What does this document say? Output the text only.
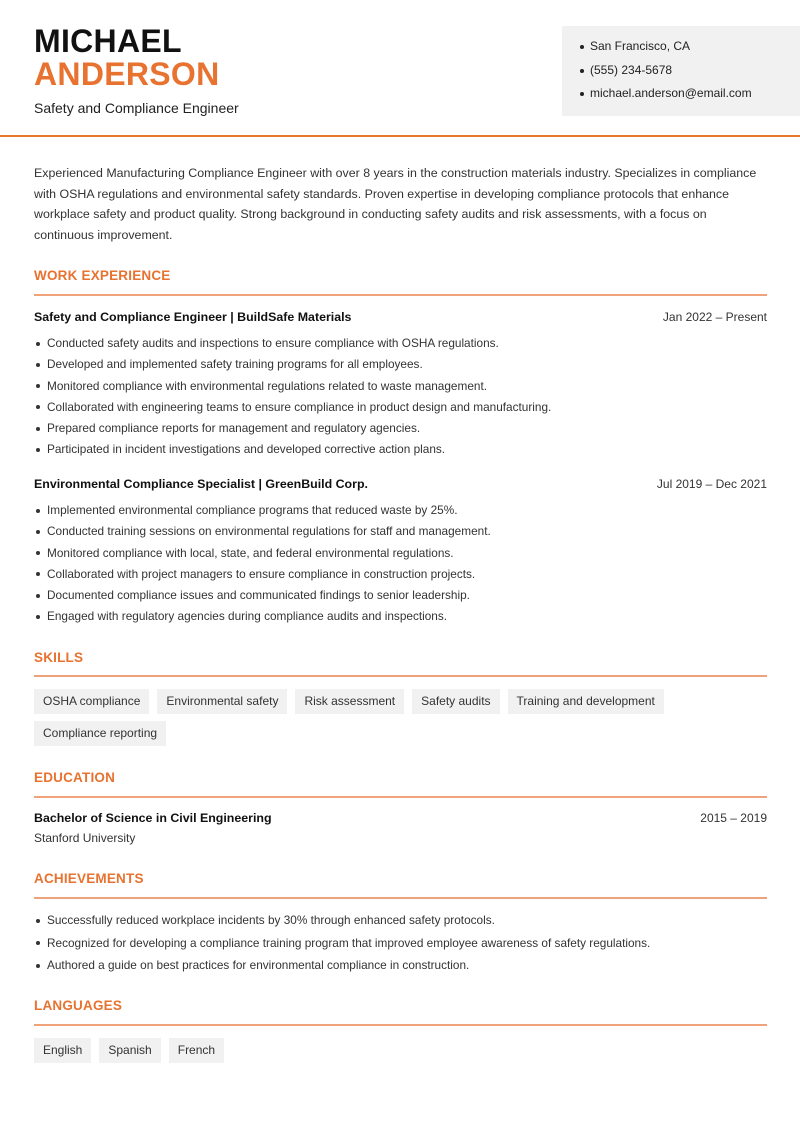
MICHAEL
ANDERSON
Safety and Compliance Engineer
San Francisco, CA
(555) 234-5678
michael.anderson@email.com

Experienced Manufacturing Compliance Engineer with over 8 years in the construction materials industry. Specializes in compliance with OSHA regulations and environmental safety standards. Proven expertise in developing compliance protocols that enhance workplace safety and product quality. Strong background in conducting safety audits and risk assessments, with a focus on continuous improvement.

WORK EXPERIENCE
Safety and Compliance Engineer | BuildSafe Materials	Jan 2022 – Present
Conducted safety audits and inspections to ensure compliance with OSHA regulations.
Developed and implemented safety training programs for all employees.
Monitored compliance with environmental regulations related to waste management.
Collaborated with engineering teams to ensure compliance in product design and manufacturing.
Prepared compliance reports for management and regulatory agencies.
Participated in incident investigations and developed corrective action plans.
Environmental Compliance Specialist | GreenBuild Corp.	Jul 2019 – Dec 2021
Implemented environmental compliance programs that reduced waste by 25%.
Conducted training sessions on environmental regulations for staff and management.
Monitored compliance with local, state, and federal environmental regulations.
Collaborated with project managers to ensure compliance in construction projects.
Documented compliance issues and communicated findings to senior leadership.
Engaged with regulatory agencies during compliance audits and inspections.
SKILLS
OSHA compliance	Environmental safety	Risk assessment	Safety audits	Training and development
Compliance reporting
EDUCATION
Bachelor of Science in Civil Engineering	2015 – 2019
Stanford University
ACHIEVEMENTS
Successfully reduced workplace incidents by 30% through enhanced safety protocols.
Recognized for developing a compliance training program that improved employee awareness of safety regulations.
Authored a guide on best practices for environmental compliance in construction.
LANGUAGES
English	Spanish	French
